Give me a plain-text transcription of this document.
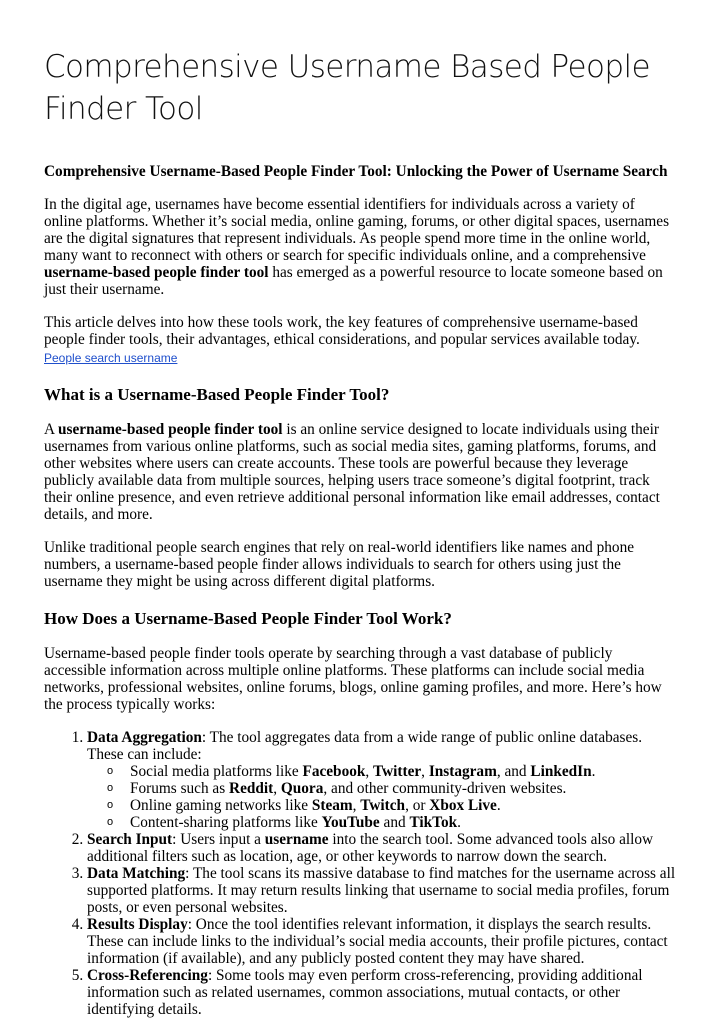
Comprehensive Username Based People Finder Tool

Comprehensive Username-Based People Finder Tool: Unlocking the Power of Username Search

In the digital age, usernames have become essential identifiers for individuals across a variety of online platforms. Whether it’s social media, online gaming, forums, or other digital spaces, usernames are the digital signatures that represent individuals. As people spend more time in the online world, many want to reconnect with others or search for specific individuals online, and a comprehensive username-based people finder tool has emerged as a powerful resource to locate someone based on just their username.

This article delves into how these tools work, the key features of comprehensive username-based people finder tools, their advantages, ethical considerations, and popular services available today. People search username

What is a Username-Based People Finder Tool?

A username-based people finder tool is an online service designed to locate individuals using their usernames from various online platforms, such as social media sites, gaming platforms, forums, and other websites where users can create accounts. These tools are powerful because they leverage publicly available data from multiple sources, helping users trace someone’s digital footprint, track their online presence, and even retrieve additional personal information like email addresses, contact details, and more.

Unlike traditional people search engines that rely on real-world identifiers like names and phone numbers, a username-based people finder allows individuals to search for others using just the username they might be using across different digital platforms.

How Does a Username-Based People Finder Tool Work?

Username-based people finder tools operate by searching through a vast database of publicly accessible information across multiple online platforms. These platforms can include social media networks, professional websites, online forums, blogs, online gaming profiles, and more. Here’s how the process typically works:

1. Data Aggregation: The tool aggregates data from a wide range of public online databases. These can include:
o Social media platforms like Facebook, Twitter, Instagram, and LinkedIn.
o Forums such as Reddit, Quora, and other community-driven websites.
o Online gaming networks like Steam, Twitch, or Xbox Live.
o Content-sharing platforms like YouTube and TikTok.
2. Search Input: Users input a username into the search tool. Some advanced tools also allow additional filters such as location, age, or other keywords to narrow down the search.
3. Data Matching: The tool scans its massive database to find matches for the username across all supported platforms. It may return results linking that username to social media profiles, forum posts, or even personal websites.
4. Results Display: Once the tool identifies relevant information, it displays the search results. These can include links to the individual’s social media accounts, their profile pictures, contact information (if available), and any publicly posted content they may have shared.
5. Cross-Referencing: Some tools may even perform cross-referencing, providing additional information such as related usernames, common associations, mutual contacts, or other identifying details.
